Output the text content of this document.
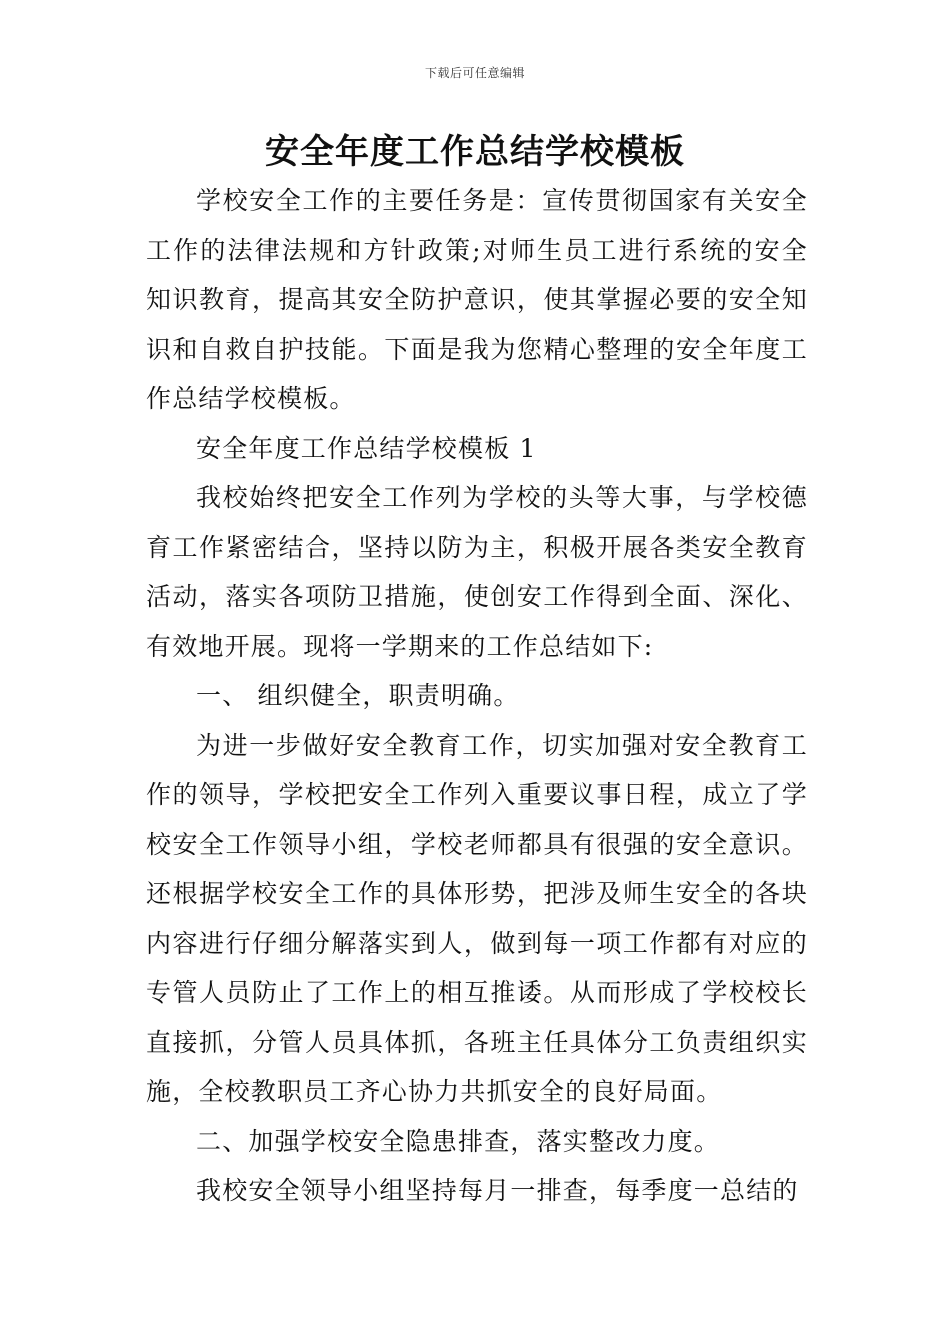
下载后可任意编辑
安全年度工作总结学校模板

学校安全工作的主要任务是：宣传贯彻国家有关安全工作的法律法规和方针政策;对师生员工进行系统的安全知识教育，提高其安全防护意识，使其掌握必要的安全知识和自救自护技能。下面是我为您精心整理的安全年度工作总结学校模板。

安全年度工作总结学校模板 1

我校始终把安全工作列为学校的头等大事，与学校德育工作紧密结合，坚持以防为主，积极开展各类安全教育活动，落实各项防卫措施，使创安工作得到全面、深化、有效地开展。现将一学期来的工作总结如下:

一、 组织健全，职责明确。

为进一步做好安全教育工作，切实加强对安全教育工作的领导，学校把安全工作列入重要议事日程，成立了学校安全工作领导小组，学校老师都具有很强的安全意识。还根据学校安全工作的具体形势，把涉及师生安全的各块内容进行仔细分解落实到人，做到每一项工作都有对应的专管人员防止了工作上的相互推诿。从而形成了学校校长直接抓，分管人员具体抓，各班主任具体分工负责组织实施，全校教职员工齐心协力共抓安全的良好局面。

二、加强学校安全隐患排查，落实整改力度。

我校安全领导小组坚持每月一排查，每季度一总结的
